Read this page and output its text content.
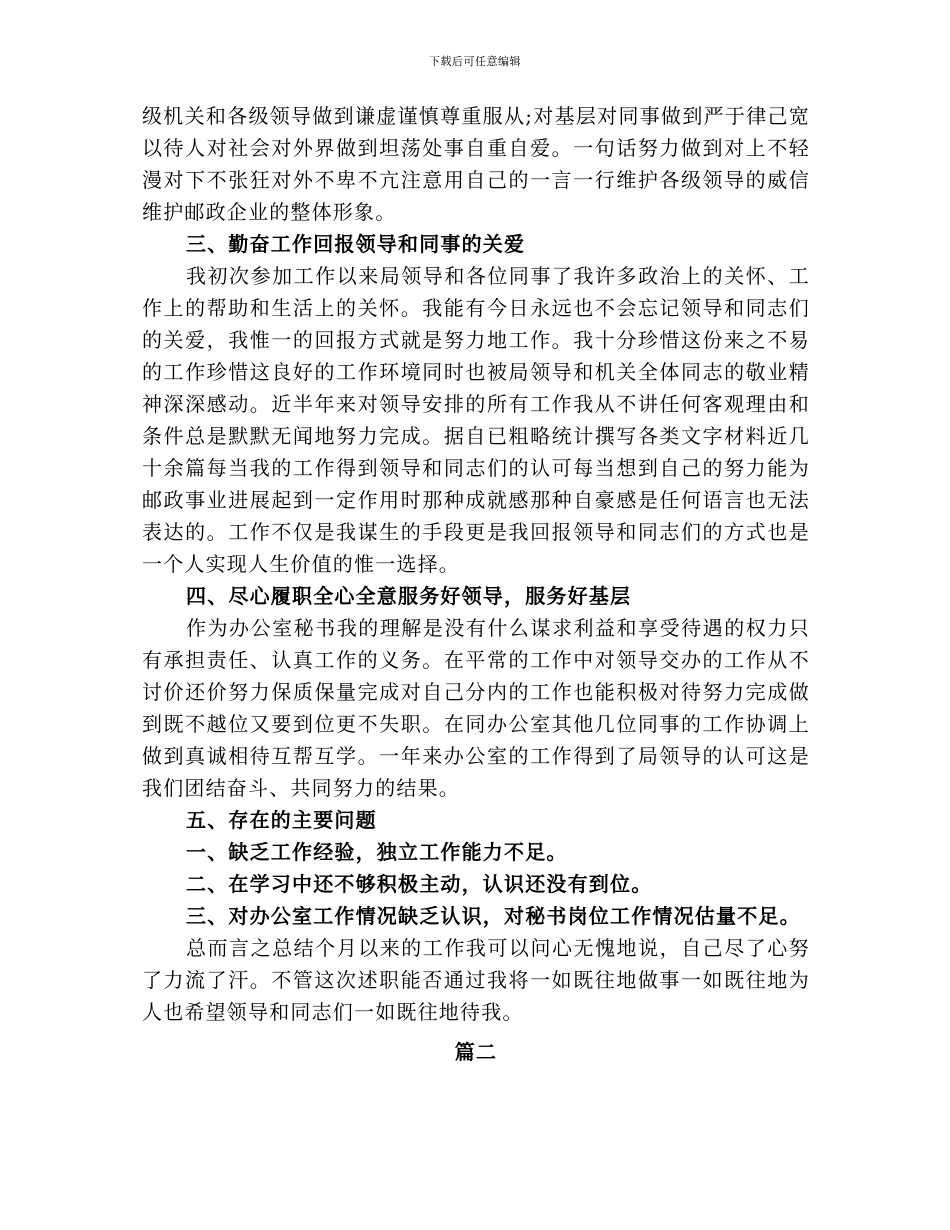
下载后可任意编辑

级机关和各级领导做到谦虚谨慎尊重服从;对基层对同事做到严于律己宽以待人对社会对外界做到坦荡处事自重自爱。一句话努力做到对上不轻漫对下不张狂对外不卑不亢注意用自己的一言一行维护各级领导的威信维护邮政企业的整体形象。

三、勤奋工作回报领导和同事的关爱

我初次参加工作以来局领导和各位同事了我许多政治上的关怀、工作上的帮助和生活上的关怀。我能有今日永远也不会忘记领导和同志们的关爱，我惟一的回报方式就是努力地工作。我十分珍惜这份来之不易的工作珍惜这良好的工作环境同时也被局领导和机关全体同志的敬业精神深深感动。近半年来对领导安排的所有工作我从不讲任何客观理由和条件总是默默无闻地努力完成。据自已粗略统计撰写各类文字材料近几十余篇每当我的工作得到领导和同志们的认可每当想到自己的努力能为邮政事业进展起到一定作用时那种成就感那种自豪感是任何语言也无法表达的。工作不仅是我谋生的手段更是我回报领导和同志们的方式也是一个人实现人生价值的惟一选择。

四、尽心履职全心全意服务好领导，服务好基层

作为办公室秘书我的理解是没有什么谋求利益和享受待遇的权力只有承担责任、认真工作的义务。在平常的工作中对领导交办的工作从不讨价还价努力保质保量完成对自己分内的工作也能积极对待努力完成做到既不越位又要到位更不失职。在同办公室其他几位同事的工作协调上做到真诚相待互帮互学。一年来办公室的工作得到了局领导的认可这是我们团结奋斗、共同努力的结果。

五、存在的主要问题

一、缺乏工作经验，独立工作能力不足。

二、在学习中还不够积极主动，认识还没有到位。

三、对办公室工作情况缺乏认识，对秘书岗位工作情况估量不足。

总而言之总结个月以来的工作我可以问心无愧地说，自己尽了心努了力流了汗。不管这次述职能否通过我将一如既往地做事一如既往地为人也希望领导和同志们一如既往地待我。

篇二
